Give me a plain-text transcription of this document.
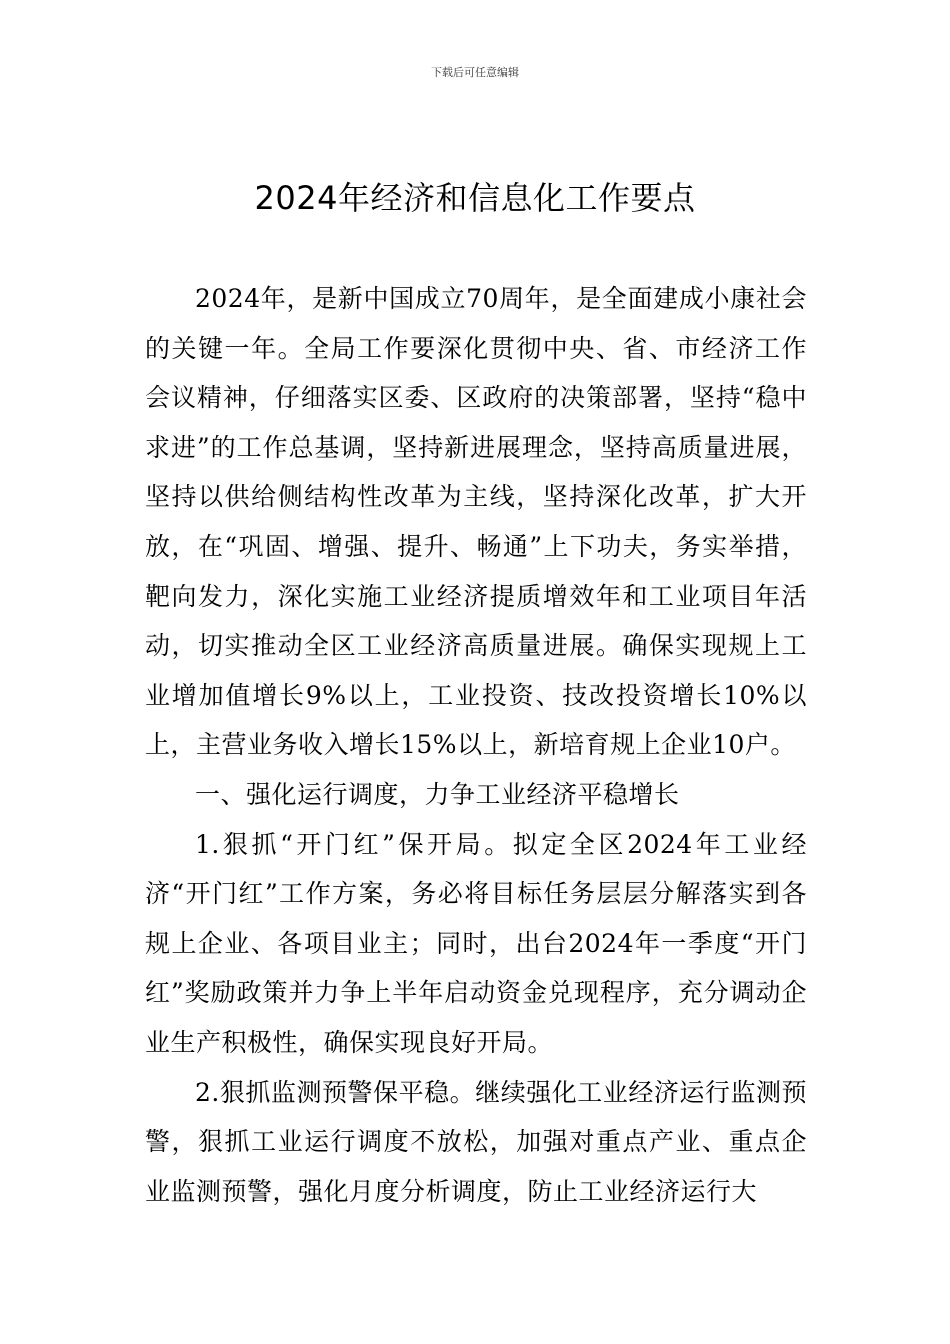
下载后可任意编辑
2024年经济和信息化工作要点

2024年，是新中国成立70周年，是全面建成小康社会的关键一年。全局工作要深化贯彻中央、省、市经济工作会议精神，仔细落实区委、区政府的决策部署，坚持“稳中求进”的工作总基调，坚持新进展理念，坚持高质量进展，坚持以供给侧结构性改革为主线，坚持深化改革，扩大开放，在“巩固、增强、提升、畅通”上下功夫，务实举措，靶向发力，深化实施工业经济提质增效年和工业项目年活动，切实推动全区工业经济高质量进展。确保实现规上工业增加值增长9%以上，工业投资、技改投资增长10%以上，主营业务收入增长15%以上，新培育规上企业10户。

一、强化运行调度，力争工业经济平稳增长

1.狠抓“开门红”保开局。拟定全区2024年工业经济“开门红”工作方案，务必将目标任务层层分解落实到各规上企业、各项目业主；同时，出台2024年一季度“开门红”奖励政策并力争上半年启动资金兑现程序，充分调动企业生产积极性，确保实现良好开局。

2.狠抓监测预警保平稳。继续强化工业经济运行监测预警，狠抓工业运行调度不放松，加强对重点产业、重点企业监测预警，强化月度分析调度，防止工业经济运行大
